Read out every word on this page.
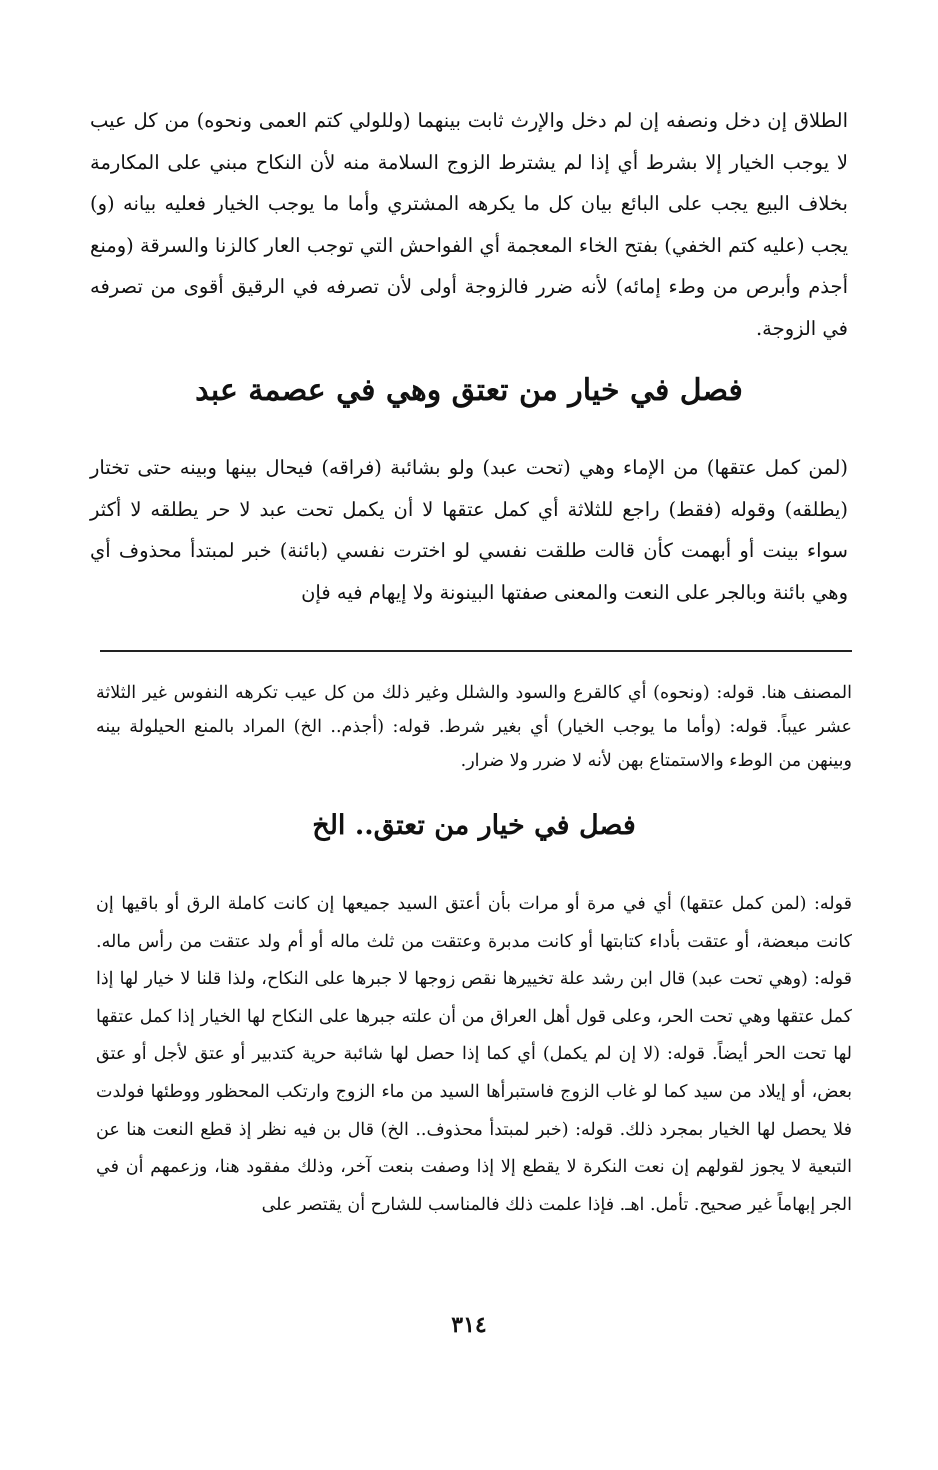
الطلاق إن دخل ونصفه إن لم دخل والإرث ثابت بينهما (وللولي كتم العمى ونحوه) من كل عيب لا يوجب الخيار إلا بشرط أي إذا لم يشترط الزوج السلامة منه لأن النكاح مبني على المكارمة بخلاف البيع يجب على البائع بيان كل ما يكرهه المشتري وأما ما يوجب الخيار فعليه بيانه (و) يجب (عليه كتم الخفي) بفتح الخاء المعجمة أي الفواحش التي توجب العار كالزنا والسرقة (ومنع أجذم وأبرص من وطء إمائه) لأنه ضرر فالزوجة أولى لأن تصرفه في الرقيق أقوى من تصرفه في الزوجة.

فصل في خيار من تعتق وهي في عصمة عبد

(لمن كمل عتقها) من الإماء وهي (تحت عبد) ولو بشائبة (فراقه) فيحال بينها وبينه حتى تختار (يطلقه) وقوله (فقط) راجع للثلاثة أي كمل عتقها لا أن يكمل تحت عبد لا حر يطلقه لا أكثر سواء بينت أو أبهمت كأن قالت طلقت نفسي لو اخترت نفسي (بائنة) خبر لمبتدأ محذوف أي وهي بائنة وبالجر على النعت والمعنى صفتها البينونة ولا إيهام فيه فإن

المصنف هنا. قوله: (ونحوه) أي كالقرع والسود والشلل وغير ذلك من كل عيب تكرهه النفوس غير الثلاثة عشر عيباً. قوله: (وأما ما يوجب الخيار) أي بغير شرط. قوله: (أجذم.. الخ) المراد بالمنع الحيلولة بينه وبينهن من الوطء والاستمتاع بهن لأنه لا ضرر ولا ضرار.

فصل في خيار من تعتق.. الخ

قوله: (لمن كمل عتقها) أي في مرة أو مرات بأن أعتق السيد جميعها إن كانت كاملة الرق أو باقيها إن كانت مبعضة، أو عتقت بأداء كتابتها أو كانت مدبرة وعتقت من ثلث ماله أو أم ولد عتقت من رأس ماله. قوله: (وهي تحت عبد) قال ابن رشد علة تخييرها نقص زوجها لا جبرها على النكاح، ولذا قلنا لا خيار لها إذا كمل عتقها وهي تحت الحر، وعلى قول أهل العراق من أن علته جبرها على النكاح لها الخيار إذا كمل عتقها لها تحت الحر أيضاً. قوله: (لا إن لم يكمل) أي كما إذا حصل لها شائبة حرية كتدبير أو عتق لأجل أو عتق بعض، أو إيلاد من سيد كما لو غاب الزوج فاستبرأها السيد من ماء الزوج وارتكب المحظور ووطئها فولدت فلا يحصل لها الخيار بمجرد ذلك. قوله: (خبر لمبتدأ محذوف.. الخ) قال بن فيه نظر إذ قطع النعت هنا عن التبعية لا يجوز لقولهم إن نعت النكرة لا يقطع إلا إذا وصفت بنعت آخر، وذلك مفقود هنا، وزعمهم أن في الجر إبهاماً غير صحيح. تأمل. اهـ. فإذا علمت ذلك فالمناسب للشارح أن يقتصر على

٣١٤
